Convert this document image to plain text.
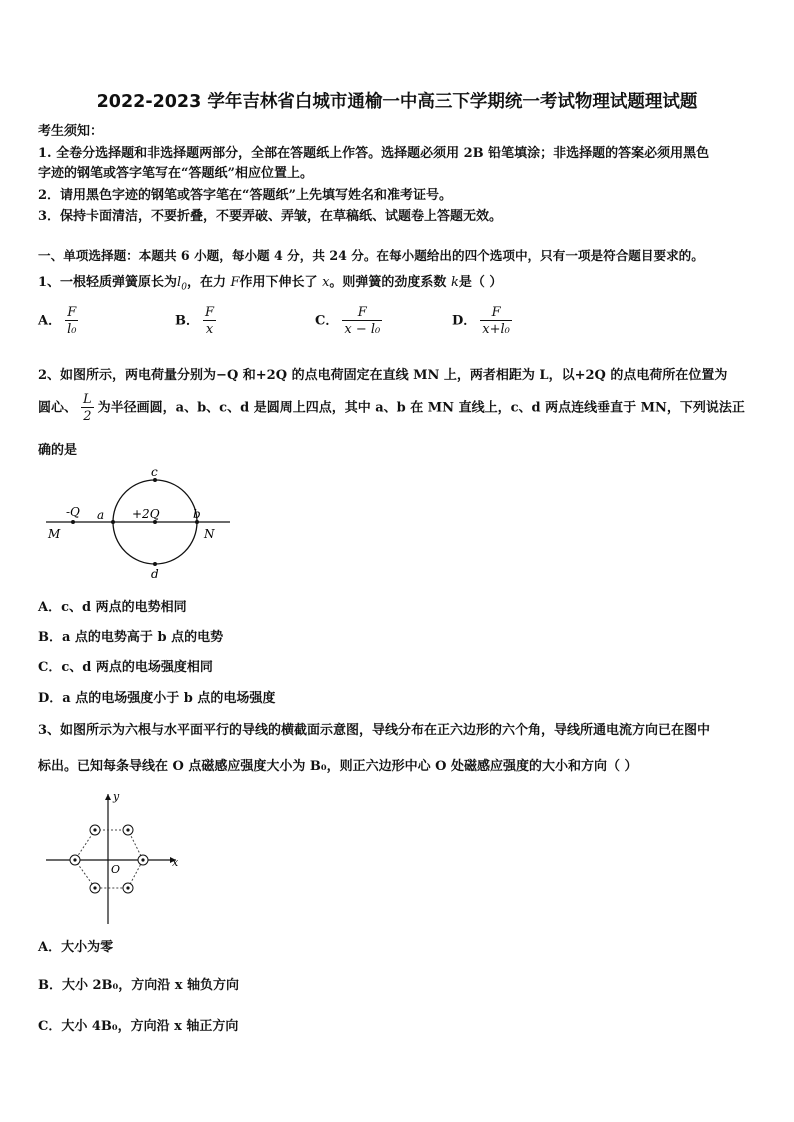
2022-2023 学年吉林省白城市通榆一中高三下学期统一考试物理试题理试题
考生须知：
1. 全卷分选择题和非选择题两部分，全部在答题纸上作答。选择题必须用 2B 铅笔填涂；非选择题的答案必须用黑色
字迹的钢笔或答字笔写在“答题纸”相应位置上。
2．请用黑色字迹的钢笔或答字笔在“答题纸”上先填写姓名和准考证号。
3．保持卡面清洁，不要折叠，不要弄破、弄皱，在草稿纸、试题卷上答题无效。
一、单项选择题：本题共 6 小题，每小题 4 分，共 24 分。在每小题给出的四个选项中，只有一项是符合题目要求的。
1、一根轻质弹簧原长为$l_0$，在力 F作用下伸长了 x。则弹簧的劲度系数 k是（ ）
A． $\frac{F}{\text{l₀}}$	B． $\frac{F}{x}$	C． $\frac{F}{\text{x − l₀}}$	D． $\frac{F}{\text{x+l₀}}$
2、如图所示，两电荷量分别为−Q 和+2Q 的点电荷固定在直线 MN 上，两者相距为 L，以+2Q 的点电荷所在位置为
圆心、 $\frac{L}{2}$ 为半径画圆，a、b、c、d 是圆周上四点，其中 a、b 在 MN 直线上，c、d 两点连线垂直于 MN，下列说法正
确的是
-Q a +2Q	b
c
d
M	N
A．c、d 两点的电势相同
B．a 点的电势高于 b 点的电势
C．c、d 两点的电场强度相同
D．a 点的电场强度小于 b 点的电场强度
3、如图所示为六根与水平面平行的导线的横截面示意图，导线分布在正六边形的六个角，导线所通电流方向已在图中
标出。已知每条导线在 O 点磁感应强度大小为 B₀，则正六边形中心 O 处磁感应强度的大小和方向（ ）
y
x
O
A．大小为零
B．大小 2B₀，方向沿 x 轴负方向
C．大小 4B₀，方向沿 x 轴正方向
